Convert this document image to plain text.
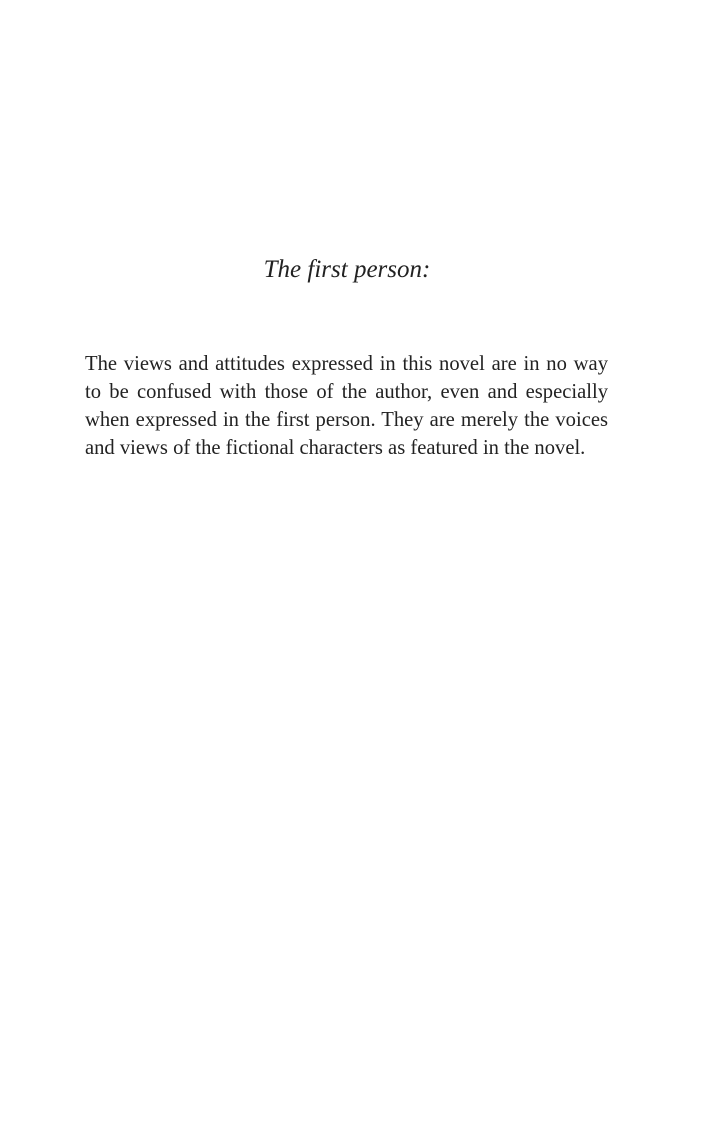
The first person:

The views and attitudes expressed in this novel are in no way to be confused with those of the author, even and especially when expressed in the first person. They are merely the voices and views of the fictional characters as featured in the novel.
